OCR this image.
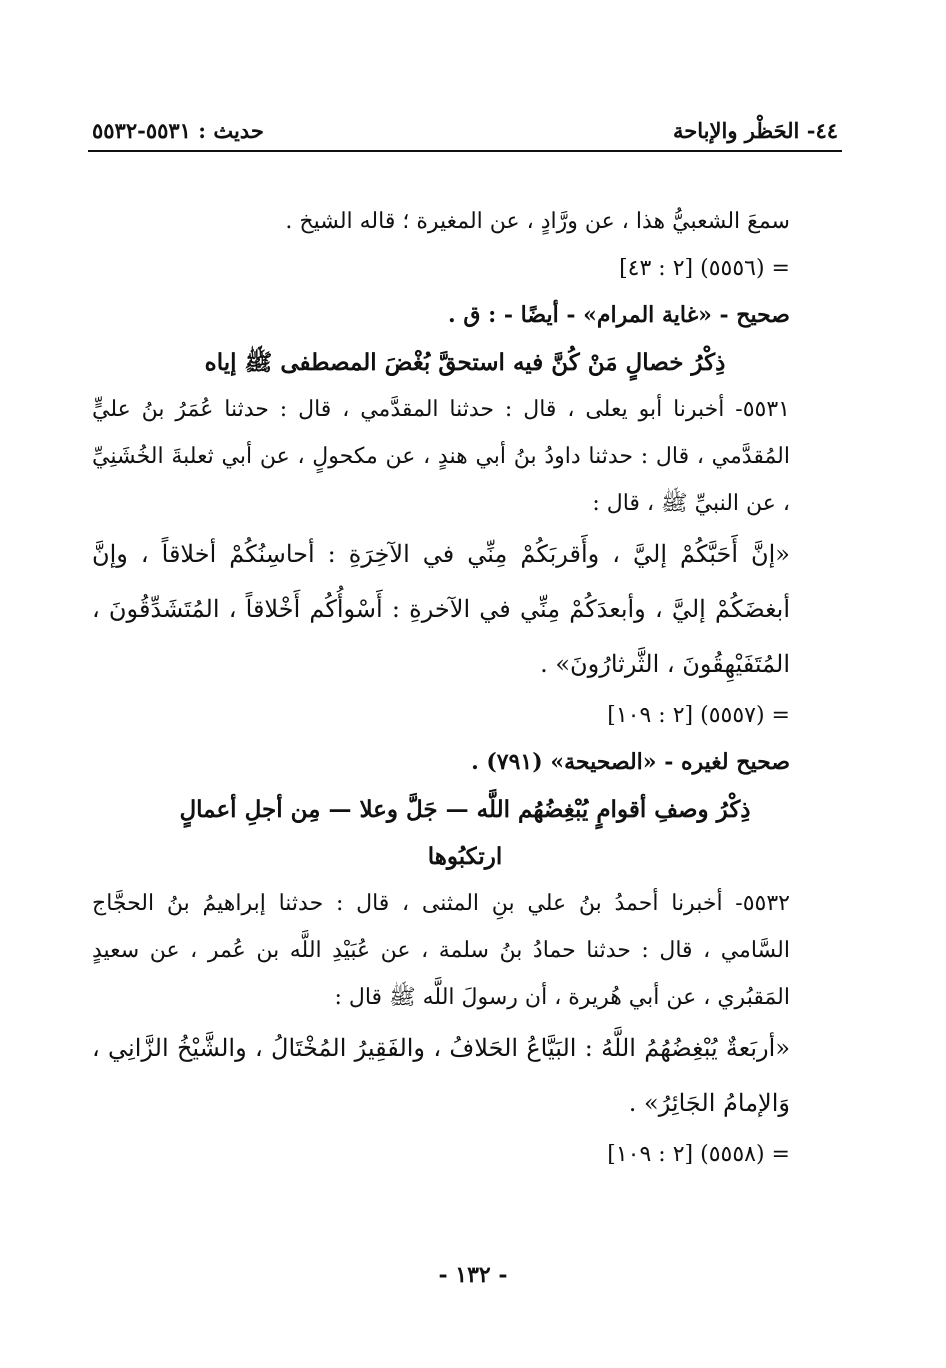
٤٤- الحَظْر والإباحة
حديث : ٥٥٣١-٥٥٣٢

سمعَ الشعبيُّ هذا ، عن ورَّادٍ ، عن المغيرة ؛ قاله الشيخ .

= (٥٥٥٦) [٢ : ٤٣]

صحيح - «غاية المرام» - أيضًا - : ق .

ذِكْرُ خصالٍ مَنْ كُنَّ فيه استحقَّ بُغْضَ المصطفى ﷺ إياه

٥٥٣١- أخبرنا أبو يعلى ، قال : حدثنا المقدَّمي ، قال : حدثنا عُمَرُ بنُ عليٍّ المُقدَّمي ، قال : حدثنا داودُ بنُ أبي هندٍ ، عن مكحولٍ ، عن أبي ثعلبةَ الخُشَنِيِّ ، عن النبيِّ ﷺ ، قال :

«إنَّ أَحَبَّكُمْ إليَّ ، وأَقربَكُمْ مِنِّي في الآخِرَةِ : أحاسِنُكُمْ أخلاقاً ، وإنَّ أبغضَكُمْ إليَّ ، وأبعدَكُمْ مِنِّي في الآخرةِ : أَسْوأُكُم أَخْلاقاً ، المُتَشَدِّقُونَ ، المُتَفَيْهِقُونَ ، الثَّرثارُونَ» .

= (٥٥٥٧) [٢ : ١٠٩]

صحيح لغيره - «الصحيحة» (٧٩١) .

ذِكْرُ وصفِ أقوامٍ يُبْغِضُهُم اللَّه — جَلَّ وعلا — مِن أجلِ أعمالٍ ارتكبُوها

٥٥٣٢- أخبرنا أحمدُ بنُ علي بنِ المثنى ، قال : حدثنا إبراهيمُ بنُ الحجَّاج السَّامي ، قال : حدثنا حمادُ بنُ سلمة ، عن عُبَيْدِ اللَّه بن عُمر ، عن سعيدٍ المَقبُري ، عن أبي هُريرة ، أن رسولَ اللَّه ﷺ قال :

«أربَعةٌ يُبْغِضُهُمُ اللَّهُ : البَيَّاعُ الحَلافُ ، والفَقِيرُ المُخْتَالُ ، والشَّيْخُ الزَّانِي ، وَالإمامُ الجَائِرُ» .

= (٥٥٥٨) [٢ : ١٠٩]

- ١٣٢ -
